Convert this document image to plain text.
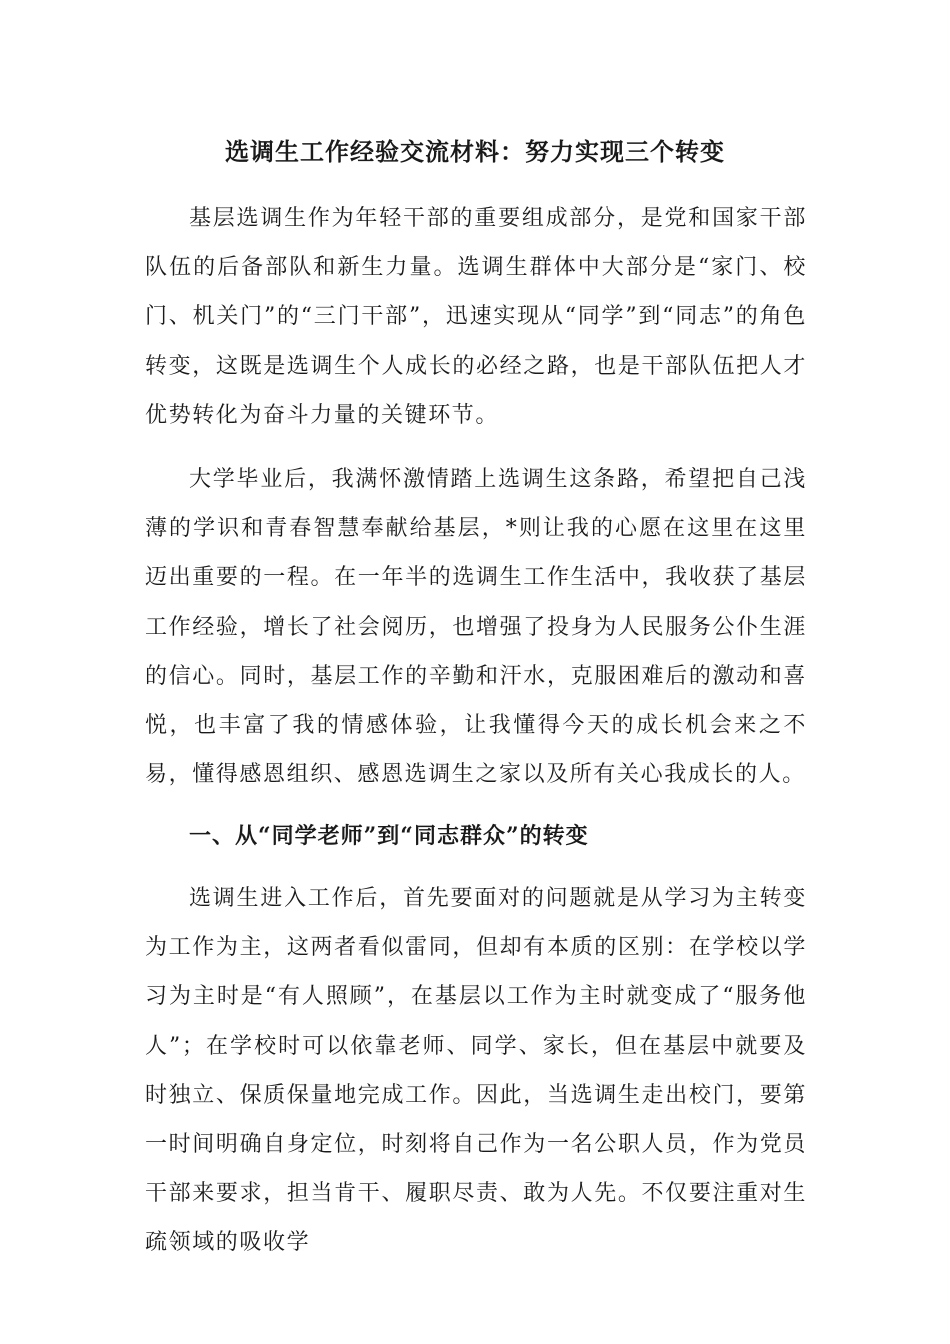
选调生工作经验交流材料：努力实现三个转变

基层选调生作为年轻干部的重要组成部分，是党和国家干部队伍的后备部队和新生力量。选调生群体中大部分是“家门、校门、机关门”的“三门干部”，迅速实现从“同学”到“同志”的角色转变，这既是选调生个人成长的必经之路，也是干部队伍把人才优势转化为奋斗力量的关键环节。

大学毕业后，我满怀激情踏上选调生这条路，希望把自己浅薄的学识和青春智慧奉献给基层，*则让我的心愿在这里在这里迈出重要的一程。在一年半的选调生工作生活中，我收获了基层工作经验，增长了社会阅历，也增强了投身为人民服务公仆生涯的信心。同时，基层工作的辛勤和汗水，克服困难后的激动和喜悦，也丰富了我的情感体验，让我懂得今天的成长机会来之不易，懂得感恩组织、感恩选调生之家以及所有关心我成长的人。

一、从“同学老师”到“同志群众”的转变

选调生进入工作后，首先要面对的问题就是从学习为主转变为工作为主，这两者看似雷同，但却有本质的区别：在学校以学习为主时是“有人照顾”，在基层以工作为主时就变成了“服务他人”；在学校时可以依靠老师、同学、家长，但在基层中就要及时独立、保质保量地完成工作。因此，当选调生走出校门，要第一时间明确自身定位，时刻将自己作为一名公职人员，作为党员干部来要求，担当肯干、履职尽责、敢为人先。不仅要注重对生疏领域的吸收学
